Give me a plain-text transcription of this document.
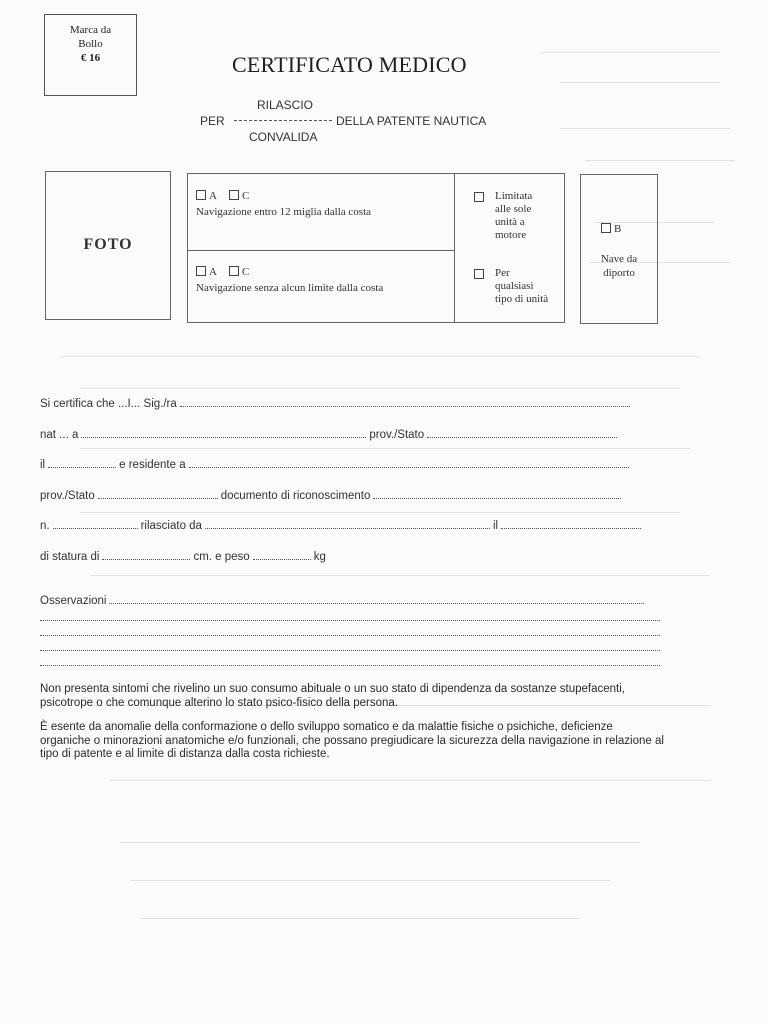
Marca da
Bollo
€ 16	CERTIFICATO MEDICO
PER
RILASCIO
DELLA PATENTE NAUTICA
CONVALIDA
FOTO
A C
Navigazione entro 12 miglia dalla costa
A C
Navigazione senza alcun limite dalla costa
Limitata
alle sole
unità a
motore
Per
qualsiasi
tipo di unità
B
Nave da
diporto
Si certifica che ...I... Sig./ra
nat ... a	prov./Stato
il	e residente a
prov./Stato	documento di riconoscimento
n.	rilasciato da	il
di statura di	cm. e peso	kg
Osservazioni
Non presenta sintomi che rivelino un suo consumo abituale o un suo stato di dipendenza da sostanze stupefacenti, psicotrope o che comunque alterino lo stato psico-fisico della persona.
È esente da anomalie della conformazione o dello sviluppo somatico e da malattie fisiche o psichiche, deficienze organiche o minorazioni anatomiche e/o funzionali, che possano pregiudicare la sicurezza della navigazione in relazione al tipo di patente e al limite di distanza dalla costa richieste.
